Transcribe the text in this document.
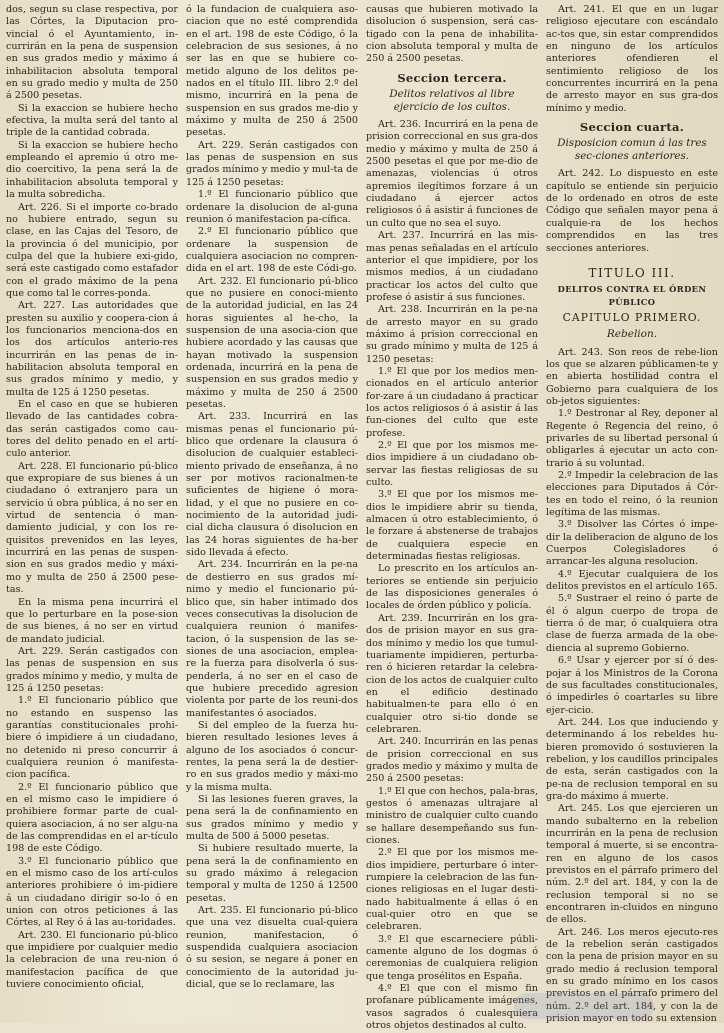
dos, segun su clase respectiva, por las Córtes, la Diputacion pro-vincial ó el Ayuntamiento, in-currirán en la pena de suspension en sus grados medio y máximo á inhabilitacion absoluta temporal en su grado medio y multa de 250 á 2500 pesetas.

Si la exaccion se hubiere hecho efectiva, la multa será del tanto al triple de la cantidad cobrada.

Si la exaccion se hubiere hecho empleando el apremio ú otro me-dio coercitivo, la pena será la de inhabilitacion absoluta temporal y la multa sobredicha.

Art. 226. Si el importe co-brado no hubiere entrado, segun su clase, en las Cajas del Tesoro, de la provincia ó del municipio, por culpa del que la hubiere exi-gido, será este castigado como estafador con el grado máximo de la pena que como tal le corres-ponda.

Art. 227. Las autoridades que presten su auxilio y coopera-cion á los funcionarios menciona-dos en los dos artículos anterio-res incurrirán en las penas de in-habilitacion absoluta temporal en sus grados mínimo y medio, y multa de 125 á 1250 pesetas.

En el caso en que se hubieren llevado de las cantidades cobra-das serán castigados como cau-tores del delito penado en el artí-culo anterior.

Art. 228. El funcionario pú-blico que expropiare de sus bienes á un ciudadano ó extranjero para un servicio ú obra pública, á no ser en virtud de sentencia ó man-damiento judicial, y con los re-quisitos prevenidos en las leyes, incurrirá en las penas de suspen-sion en sus grados medio y máxi-mo y multa de 250 á 2500 pese-tas.

En la misma pena incurrirá el que lo perturbare en la pose-sion de sus bienes, á no ser en virtud de mandato judicial.

Art. 229. Serán castigados con las penas de suspension en sus grados mínimo y medio, y multa de 125 á 1250 pesetas:

1.º El funcionario público que no estando en suspenso las garantías constitucionales prohi-biere ó impidiere á un ciudadano, no detenido ni preso concurrir á cualquiera reunion ó manifesta-cion pacífica.

2.º El funcionario público que en el mismo caso le impidiere ó prohibiere formar parte de cual-quiera asociacion, á no ser algu-na de las comprendidas en el ar-tículo 198 de este Código.

3.º El funcionario público que en el mismo caso de los artí-culos anteriores prohibiere ó im-pidiere á un ciudadano dirigir so-lo ó en union con otros peticiones á las Córtes, al Rey ó á las au-toridades.

Art. 230. El funcionario pú-blico que impidiere por cualquier medio la celebracion de una reu-nion ó manifestacion pacífica de que tuviere conocimiento oficial,

ó la fundacion de cualquiera aso-ciacion que no esté comprendida en el art. 198 de este Código, ó la celebracion de sus sesiones, á no ser las en que se hubiere co-metido alguno de los delitos pe-nados en el título III. libro 2.º del mismo, incurrirá en la pena de suspension en sus grados me-dio y máximo y multa de 250 á 2500 pesetas.

Art. 229. Serán castigados con las penas de suspension en sus grados mínimo y medio y mul-ta de 125 á 1250 pesetas:

1.º El funcionario público que ordenare la disolucion de al-guna reunion ó manifestacion pa-cífica.

2.º El funcionario público que ordenare la suspension de cualquiera asociacion no compren-dida en el art. 198 de este Códi-go.

Art. 232. El funcionario pú-blico que no pusiere en conoci-miento de la autoridad judicial, en las 24 horas siguientes al he-cho, la suspension de una asocia-cion que hubiere acordado y las causas que hayan motivado la suspension ordenada, incurrirá en la pena de suspension en sus grados medio y máximo y multa de 250 á 2500 pesetas.

Art. 233. Incurrirá en las mismas penas el funcionario pú-blico que ordenare la clausura ó disolucion de cualquier estableci-miento privado de enseñanza, á no ser por motivos racionalmen-te suficientes de higiene ó mora-lidad, y el que no pusiere en co-nocimiento de la autoridad judi-cial dicha clausura ó disolucion en las 24 horas siguientes de ha-ber sido llevada á efecto.

Art. 234. Incurrirán en la pe-na de destierro en sus grados mí-nimo y medio el funcionario pú-blico que, sin haber intimado dos veces consecutivas la disolucion de cualquiera reunion ó manifes-tacion, ó la suspension de las se-siones de una asociacion, emplea-re la fuerza para disolverla ó sus-penderla, á no ser en el caso de que hubiere precedido agresion violenta por parte de los reuni-dos manifestantes ó asociados.

Si del empleo de la fuerza hu-bieren resultado lesiones leves á alguno de los asociados ó concur-rentes, la pena será la de destier-ro en sus grados medio y máxi-mo y la misma multa.

Si las lesiones fueren graves, la pena será la de confinamiento en sus grados mínimo y medio y multa de 500 á 5000 pesetas.

Si hubiere resultado muerte, la pena será la de confinamiento en su grado máximo á relegacion temporal y multa de 1250 á 12500 pesetas.

Art. 235. El funcionario pú-blico que una vez disuelta cual-quiera reunion, manifestacion, ó suspendida cualquiera asociacion ó su sesion, se negare á poner en conocimiento de la autoridad ju-dicial, que se lo reclamare, las

causas que hubieren motivado la disolucion ó suspension, será cas-tigado con la pena de inhabilita-cion absoluta temporal y multa de 250 á 2500 pesetas.

Seccion tercera.
Delitos relativos al libre ejercicio de los cultos.

Art. 236. Incurrirá en la pena de prision correccional en sus gra-dos medio y máximo y multa de 250 á 2500 pesetas el que por me-dio de amenazas, violencias ú otros apremios ilegítimos forzare á un ciudadano á ejercer actos religiosos ó á asistir á funciones de un culto que no sea el suyo.

Art. 237. Incurrirá en las mis-mas penas señaladas en el artículo anterior el que impidiere, por los mismos medios, á un ciudadano practicar los actos del culto que profese ó asistir á sus funciones.

Art. 238. Incurrirán en la pe-na de arresto mayor en su grado máximo á prision correccional en su grado mínimo y multa de 125 á 1250 pesetas:

1.º El que por los medios men-cionados en el artículo anterior for-zare á un ciudadano á practicar los actos religiosos ó á asistir á las fun-ciones del culto que este profese.

2.º El que por los mismos me-dios impidiere á un ciudadano ob-servar las fiestas religiosas de su culto.

3.º El que por los mismos me-dios le impidiere abrir su tienda, almacen ú otro establecimiento, ó le forzare á abstenerse de trabajos de cualquiera especie en determinadas fiestas religiosas.

Lo prescrito en los artículos an-teriores se entiende sin perjuicio de las disposiciones generales ó locales de órden público y policía.

Art. 239. Incurrirán en los gra-dos de prision mayor en sus gra-dos mínimo y medio los que tumul-tuariamente impidieren, perturba-ren ó hicieren retardar la celebra-cion de los actos de cualquier culto en el edificio destinado habitualmen-te para ello ó en cualquier otro si-tio donde se celebraren.

Art. 240. Incurrirán en las penas de prision correccional en sus grados medio y máximo y multa de 250 á 2500 pesetas:

1.º El que con hechos, pala-bras, gestos ó amenazas ultrajare al ministro de cualquier culto cuando se hallare desempeñando sus fun-ciones.

2.º El que por los mismos me-dios impidiere, perturbare ó inter-rumpiere la celebracion de las fun-ciones religiosas en el lugar desti-nado habitualmente á ellas ó en cual-quier otro en que se celebraren.

3.º El que escarneciere públi-camente alguno de los dogmas ó ceremonias de cualquiera religion que tenga prosélitos en España.

4.º El que con el mismo fin profanare públicamente imágenes, vasos sagrados ó cualesquiera otros objetos destinados al culto.

Art. 241. El que en un lugar religioso ejecutare con escándalo ac-tos que, sin estar comprendidos en ninguno de los artículos anteriores ofendieren el sentimiento religioso de los concurrentes incurrirá en la pena de arresto mayor en sus gra-dos mínimo y medio.

Seccion cuarta.
Disposicion comun á las tres sec-ciones anteriores.

Art. 242. Lo dispuesto en este capítulo se entiende sin perjuicio de lo ordenado en otros de este Código que señalen mayor pena á cualquie-ra de los hechos comprendidos en las tres secciones anteriores.

TITULO III.
DELITOS CONTRA EL ÓRDEN PÚBLICO
CAPITULO PRIMERO.
Rebelion.

Art. 243. Son reos de rebe-lion los que se alzaren públicamen-te y en abierta hostilidad contra el Gobierno para cualquiera de los ob-jetos siguientes:

1.º Destronar al Rey, deponer al Regente ó Regencia del reino, ó privarles de su libertad personal ú obligarles á ejecutar un acto con-trario á su voluntad.

2.º Impedir la celebracion de las elecciones para Diputados á Cór-tes en todo el reino, ó la reunion legítima de las mismas.

3.º Disolver las Córtes ó impe-dir la deliberacion de alguno de los Cuerpos Colegisladores ó arrancar-les alguna resolucion.

4.º Ejecutar cualquiera de los delitos previstos en el artículo 165.

5.º Sustraer el reino ó parte de él ó algun cuerpo de tropa de tierra ó de mar, ó cualquiera otra clase de fuerza armada de la obe-diencia al supremo Gobierno.

6.º Usar y ejercer por sí ó des-pojar á los Ministros de la Corona de sus facultades constitucionales, ó impedirles ó coartarles su libre ejer-cicio.

Art. 244. Los que induciendo y determinando á los rebeldes hu-bieren promovido ó sostuvieren la rebelion, y los caudillos principales de esta, serán castigados con la pe-na de reclusion temporal en su gra-do máximo á muerte.

Art. 245. Los que ejercieren un mando subalterno en la rebelion incurrirán en la pena de reclusion temporal á muerte, si se encontra-ren en alguno de los casos previstos en el párrafo primero del núm. 2.º del art. 184, y con la de reclusion temporal si no se encontraren in-cluidos en ninguno de ellos.

Art. 246. Los meros ejecuto-res de la rebelion serán castigados con la pena de prision mayor en su grado medio á reclusion temporal en su grado mínimo en los casos previstos en el párrafo primero del núm. 2.º del art. 184, y con la de prision mayor en todo su extension
